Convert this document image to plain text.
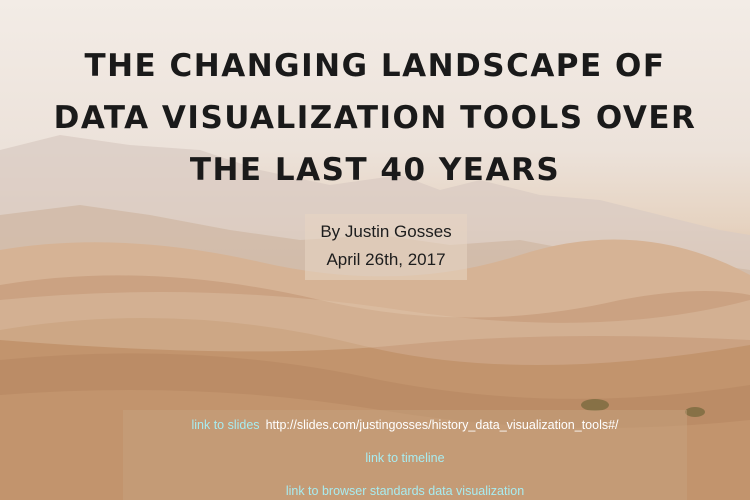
THE CHANGING LANDSCAPE OF
DATA VISUALIZATION TOOLS OVER
THE LAST 40 YEARS
By Justin Gosses
April 26th, 2017
link to slides http://slides.com/justingosses/history_data_visualization_tools#/
link to timeline
link to browser standards data visualization
